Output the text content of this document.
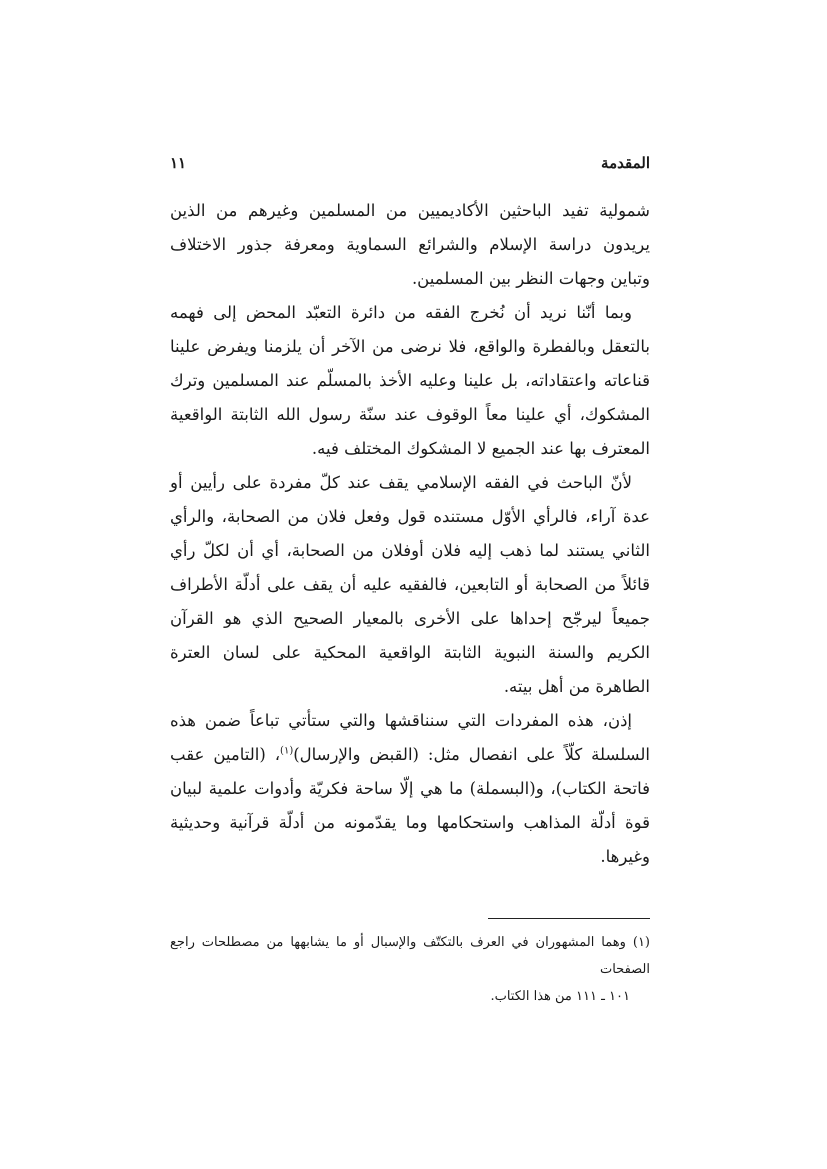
المقدمة
١١

شمولية تفيد الباحثين الأكاديميين من المسلمين وغيرهم من الذين يريدون دراسة الإسلام والشرائع السماوية ومعرفة جذور الاختلاف وتباين وجهات النظر بين المسلمين.

وبما أنّنا نريد أن نُخرج الفقه من دائرة التعبّد المحض إلى فهمه بالتعقل وبالفطرة والواقع، فلا نرضى من الآخر أن يلزمنا ويفرض علينا قناعاته واعتقاداته، بل علينا وعليه الأخذ بالمسلّم عند المسلمين وترك المشكوك، أي علينا معاً الوقوف عند سنّة رسول الله الثابتة الواقعية المعترف بها عند الجميع لا المشكوك المختلف فيه.

لأنّ الباحث في الفقه الإسلامي يقف عند كلّ مفردة على رأيين أو عدة آراء، فالرأي الأوّل مستنده قول وفعل فلان من الصحابة، والرأي الثاني يستند لما ذهب إليه فلان أوفلان من الصحابة، أي أن لكلّ رأي قائلاً من الصحابة أو التابعين، فالفقيه عليه أن يقف على أدلّة الأطراف جميعاً ليرجّح إحداها على الأخرى بالمعيار الصحيح الذي هو القرآن الكريم والسنة النبوية الثابتة الواقعية المحكية على لسان العترة الطاهرة من أهل بيته.

إذن، هذه المفردات التي سنناقشها والتي ستأتي تباعاً ضمن هذه السلسلة كلّاً على انفصال مثل: (القبض والإرسال)$^{(١)}$، (التامين عقب فاتحة الكتاب)، و(البسملة) ما هي إلّا ساحة فكريّة وأدوات علمية لبيان قوة أدلّة المذاهب واستحكامها وما يقدّمونه من أدلّة قرآنية وحديثية وغيرها.

(١) وهما المشهوران في العرف بالتكتّف والإسبال أو ما يشابهها من مصطلحات راجع الصفحات

١٠١ ـ ١١١ من هذا الكتاب.
